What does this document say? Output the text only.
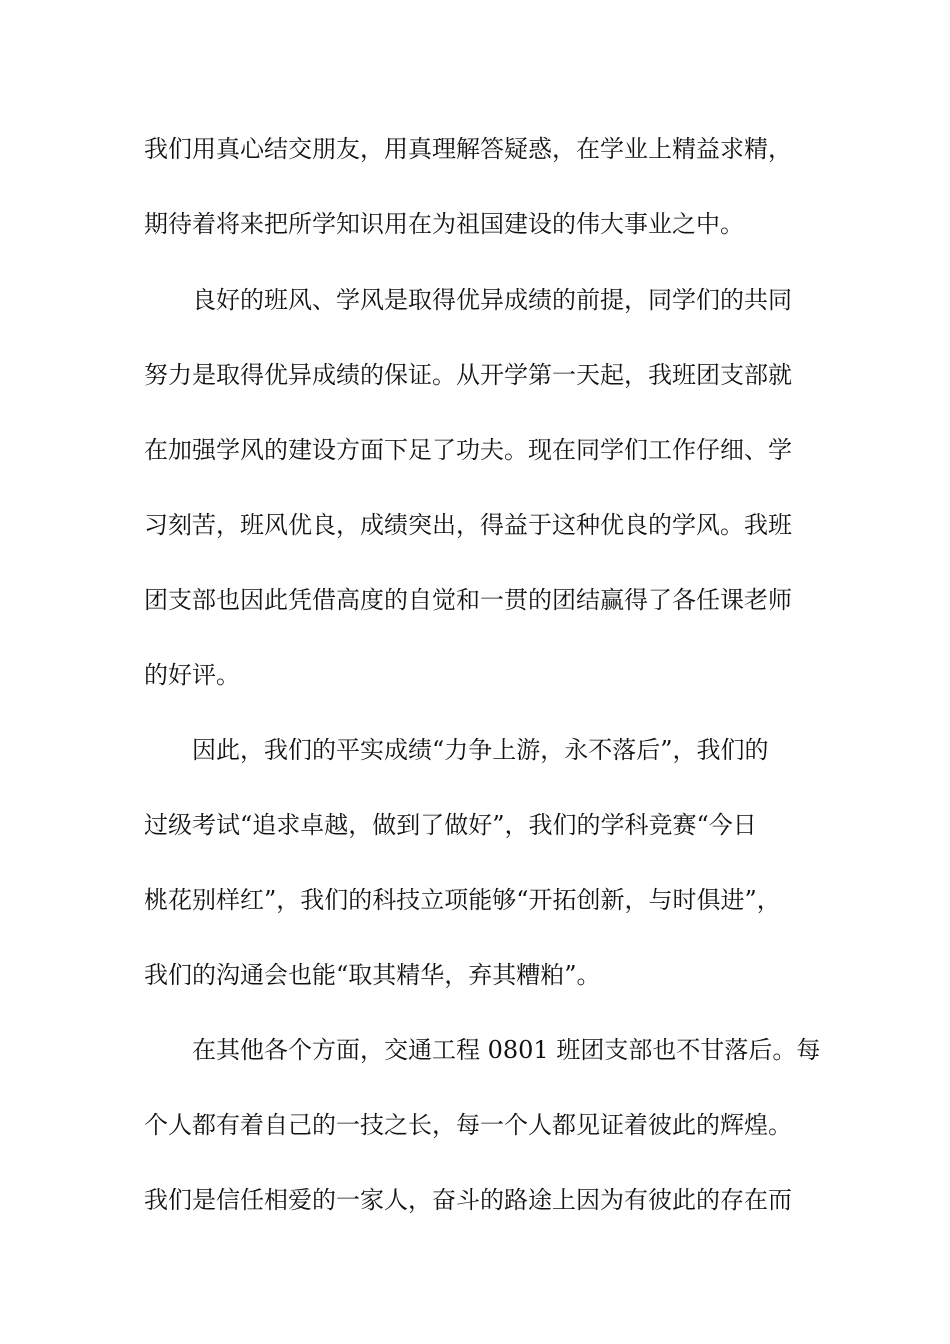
我们用真心结交朋友，用真理解答疑惑，在学业上精益求精，
期待着将来把所学知识用在为祖国建设的伟大事业之中。
　　良好的班风、学风是取得优异成绩的前提，同学们的共同
努力是取得优异成绩的保证。从开学第一天起，我班团支部就
在加强学风的建设方面下足了功夫。现在同学们工作仔细、学
习刻苦，班风优良，成绩突出，得益于这种优良的学风。我班
团支部也因此凭借高度的自觉和一贯的团结赢得了各任课老师
的好评。
　　因此，我们的平实成绩“力争上游，永不落后”，我们的
过级考试“追求卓越，做到了做好”，我们的学科竞赛“今日
桃花别样红”，我们的科技立项能够“开拓创新，与时俱进”，
我们的沟通会也能“取其精华，弃其糟粕”。
　　在其他各个方面，交通工程 0801 班团支部也不甘落后。每
个人都有着自己的一技之长，每一个人都见证着彼此的辉煌。
我们是信任相爱的一家人，奋斗的路途上因为有彼此的存在而
